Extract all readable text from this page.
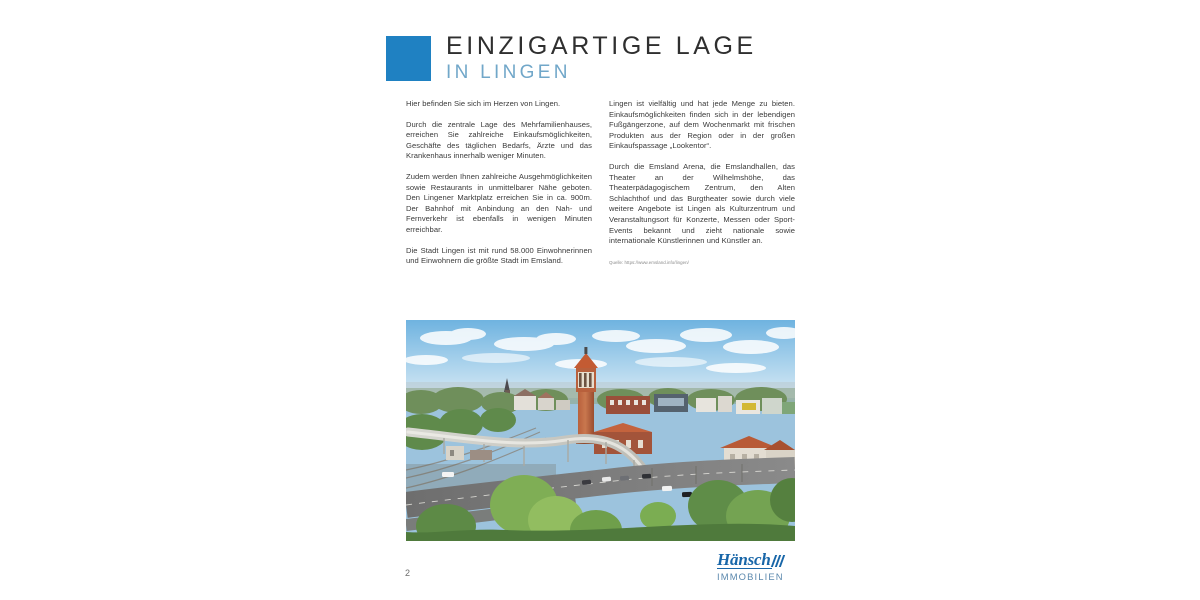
EINZIGARTIGE LAGE
IN LINGEN

Hier befinden Sie sich im Herzen von Lingen.

Durch die zentrale Lage des Mehrfamilienhauses, erreichen Sie zahlreiche Einkaufsmöglichkeiten, Geschäfte des täglichen Bedarfs, Ärzte und das Krankenhaus innerhalb weniger Minuten.

Zudem werden Ihnen zahlreiche Ausgehmöglichkeiten sowie Restaurants in unmittelbarer Nähe geboten. Den Lingener Marktplatz erreichen Sie in ca. 900m. Der Bahnhof mit Anbindung an den Nah- und Fernverkehr ist ebenfalls in wenigen Minuten erreichbar.

Die Stadt Lingen ist mit rund 58.000 Einwohnerinnen und Einwohnern die größte Stadt im Emsland.

Lingen ist vielfältig und hat jede Menge zu bieten. Einkaufsmöglichkeiten finden sich in der lebendigen Fußgängerzone, auf dem Wochenmarkt mit frischen Produkten aus der Region oder in der großen Einkaufspassage „Lookentor“.

Durch die Emsland Arena, die Emslandhallen, das Theater an der Wilhelmshöhe, das Theaterpädagogischem Zentrum, den Alten Schlachthof und das Burgtheater sowie durch viele weitere Angebote ist Lingen als Kulturzentrum und Veranstaltungsort für Konzerte, Messen oder Sport-Events bekannt und zieht nationale sowie internationale Künstlerinnen und Künstler an.

Quelle: https://www.emsland.info/lingen/

2
Hänsch
IMMOBILIEN
